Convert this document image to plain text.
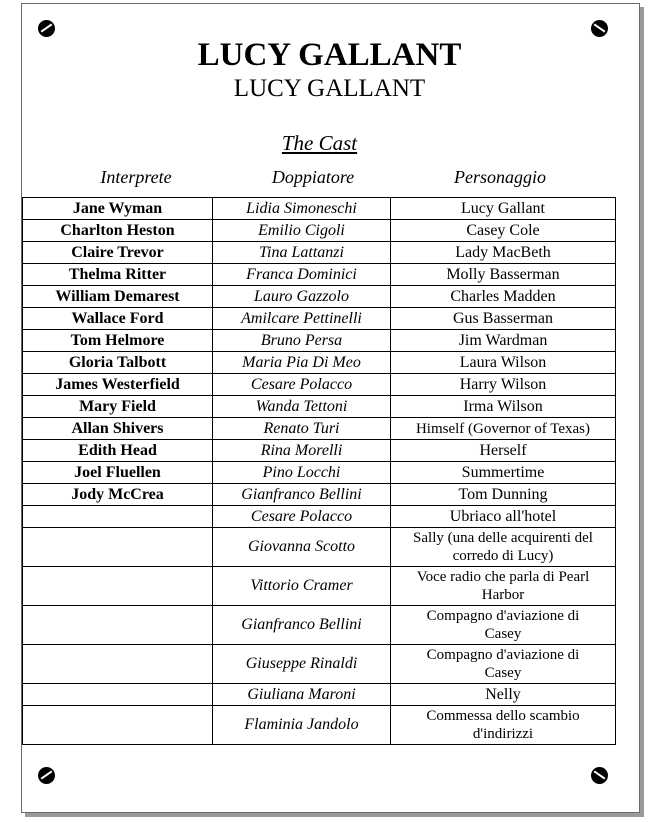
LUCY GALLANT
LUCY GALLANT
The Cast
Interprete	Doppiatore	Personaggio
Jane Wyman	Lidia Simoneschi	Lucy Gallant

Charlton Heston	Emilio Cigoli	Casey Cole

Claire Trevor	Tina Lattanzi	Lady MacBeth

Thelma Ritter	Franca Dominici	Molly Basserman

William Demarest	Lauro Gazzolo	Charles Madden

Wallace Ford	Amilcare Pettinelli	Gus Basserman

Tom Helmore	Bruno Persa	Jim Wardman

Gloria Talbott	Maria Pia Di Meo	Laura Wilson

James Westerfield	Cesare Polacco	Harry Wilson

Mary Field	Wanda Tettoni	Irma Wilson

Allan Shivers	Renato Turi	Himself (Governor of Texas)

Edith Head	Rina Morelli	Herself

Joel Fluellen	Pino Locchi	Summertime

Jody McCrea	Gianfranco Bellini	Tom Dunning

	Cesare Polacco	Ubriaco all'hotel

	Giovanna Scotto	Sally (una delle acquirenti del
corredo di Lucy)

	Vittorio Cramer	Voce radio che parla di Pearl
Harbor

	Gianfranco Bellini	Compagno d'aviazione di
Casey

	Giuseppe Rinaldi	Compagno d'aviazione di
Casey

	Giuliana Maroni	Nelly

	Flaminia Jandolo	Commessa dello scambio
d'indirizzi
